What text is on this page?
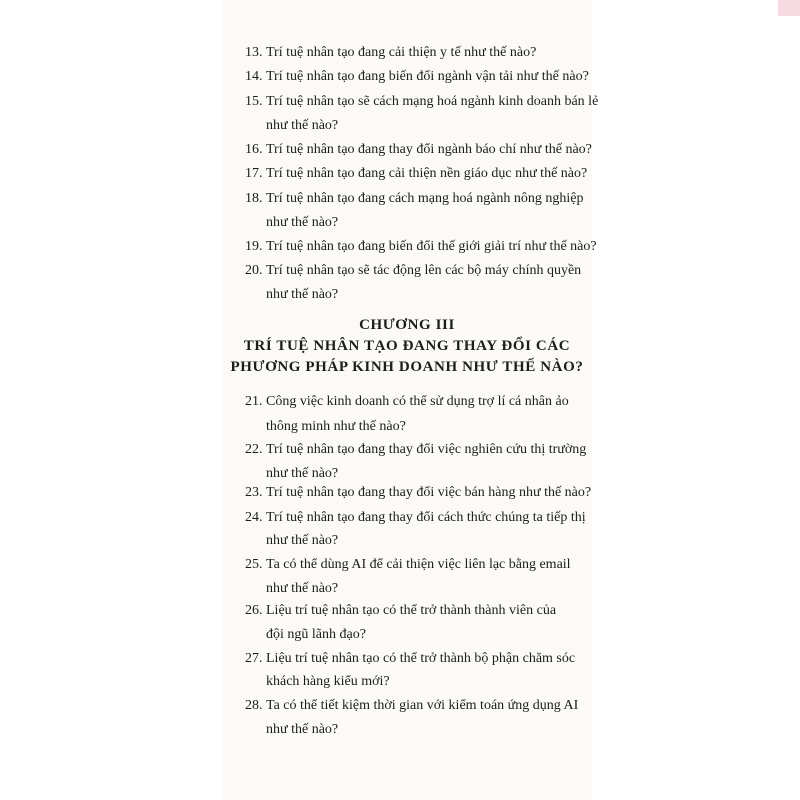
13. Trí tuệ nhân tạo đang cải thiện y tế như thế nào?
14. Trí tuệ nhân tạo đang biến đổi ngành vận tải như thế nào?
15. Trí tuệ nhân tạo sẽ cách mạng hoá ngành kinh doanh bán lẻ
như thế nào?
16. Trí tuệ nhân tạo đang thay đổi ngành báo chí như thế nào?
17. Trí tuệ nhân tạo đang cải thiện nền giáo dục như thế nào?
18. Trí tuệ nhân tạo đang cách mạng hoá ngành nông nghiệp
như thế nào?
19. Trí tuệ nhân tạo đang biến đổi thế giới giải trí như thế nào?
20. Trí tuệ nhân tạo sẽ tác động lên các bộ máy chính quyền
như thế nào?
21. Công việc kinh doanh có thể sử dụng trợ lí cá nhân ảo
thông minh như thế nào?
22. Trí tuệ nhân tạo đang thay đổi việc nghiên cứu thị trường
như thế nào?
23. Trí tuệ nhân tạo đang thay đổi việc bán hàng như thế nào?
24. Trí tuệ nhân tạo đang thay đổi cách thức chúng ta tiếp thị
như thế nào?
25. Ta có thể dùng AI để cải thiện việc liên lạc bằng email
như thế nào?
26. Liệu trí tuệ nhân tạo có thể trở thành thành viên của
đội ngũ lãnh đạo?
27. Liệu trí tuệ nhân tạo có thể trở thành bộ phận chăm sóc
khách hàng kiểu mới?
28. Ta có thể tiết kiệm thời gian với kiểm toán ứng dụng AI
như thế nào?
CHƯƠNG III
TRÍ TUỆ NHÂN TẠO ĐANG THAY ĐỔI CÁC
PHƯƠNG PHÁP KINH DOANH NHƯ THẾ NÀO?
